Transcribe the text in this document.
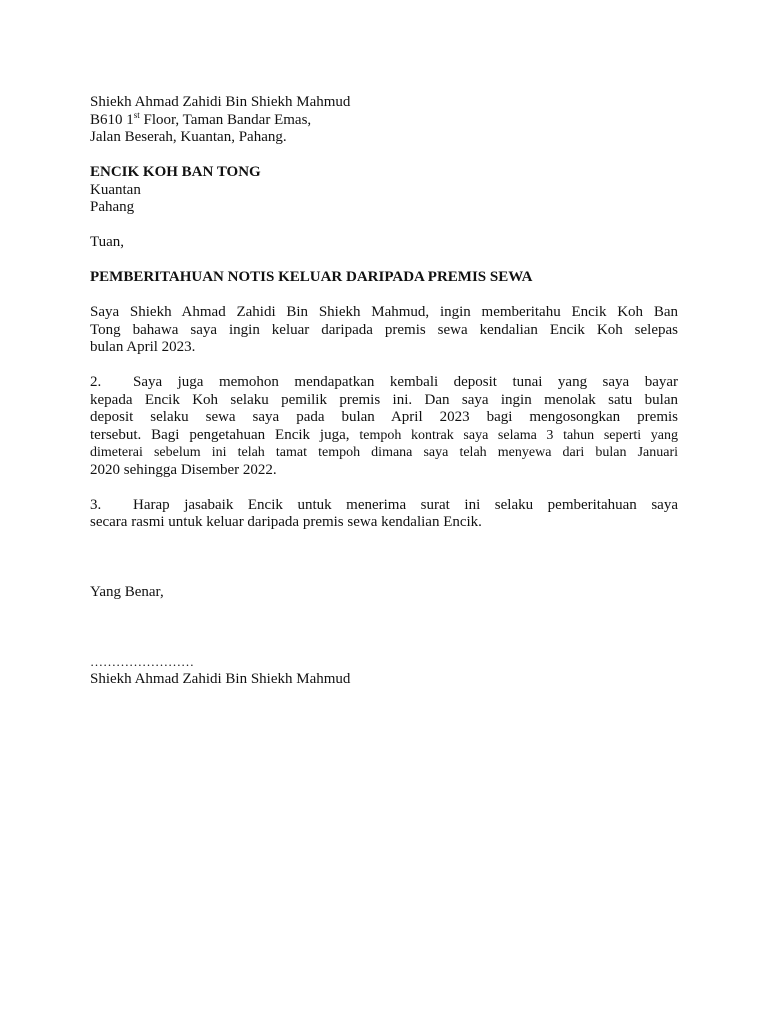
Shiekh Ahmad Zahidi Bin Shiekh Mahmud
B610 1st Floor, Taman Bandar Emas,
Jalan Beserah, Kuantan, Pahang.
ENCIK KOH BAN TONG
Kuantan
Pahang
Tuan,
PEMBERITAHUAN NOTIS KELUAR DARIPADA PREMIS SEWA
Saya Shiekh Ahmad Zahidi Bin Shiekh Mahmud, ingin memberitahu Encik Koh Ban
Tong bahawa saya ingin keluar daripada premis sewa kendalian Encik Koh selepas
bulan April 2023.
2. Saya juga memohon mendapatkan kembali deposit tunai yang saya bayar
kepada Encik Koh selaku pemilik premis ini. Dan saya ingin menolak satu bulan
deposit selaku sewa saya pada bulan April 2023 bagi mengosongkan premis
tersebut. Bagi pengetahuan Encik juga, tempoh kontrak saya selama 3 tahun seperti yang
dimeterai sebelum ini telah tamat tempoh dimana saya telah menyewa dari bulan Januari
2020 sehingga Disember 2022.
3. Harap jasabaik Encik untuk menerima surat ini selaku pemberitahuan saya
secara rasmi untuk keluar daripada premis sewa kendalian Encik.
Yang Benar,
……………………
Shiekh Ahmad Zahidi Bin Shiekh Mahmud
